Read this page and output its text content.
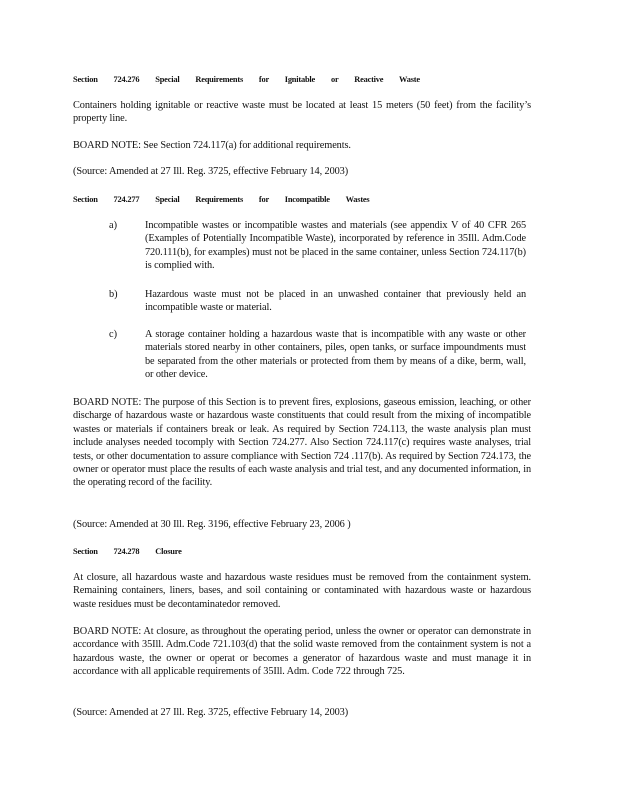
Section 724.276 Special Requirements for Ignitable or Reactive Waste
Containers holding ignitable or reactive waste must be located at least 15 meters (50 feet) from the facility’s property line.
BOARD NOTE: See Section 724.117(a) for additional requirements.
(Source: Amended at 27 Ill. Reg. 3725, effective February 14, 2003)
Section 724.277 Special Requirements for Incompatible Wastes
a)	Incompatible wastes or incompatible wastes and materials (see appendix V of 40 CFR 265 (Examples of Potentially Incompatible Waste), incorporated by reference in 35Ill. Adm.Code 720.111(b), for examples) must not be placed in the same container, unless Section 724.117(b) is complied with.
b)	Hazardous waste must not be placed in an unwashed container that previously held an incompatible waste or material.
c)	A storage container holding a hazardous waste that is incompatible with any waste or other materials stored nearby in other containers, piles, open tanks, or surface impoundments must be separated from the other materials or protected from them by means of a dike, berm, wall, or other device.
BOARD NOTE: The purpose of this Section is to prevent fires, explosions, gaseous emission, leaching, or other discharge of hazardous waste or hazardous waste constituents that could result from the mixing of incompatible wastes or materials if containers break or leak. As required by Section 724.113, the waste analysis plan must include analyses needed tocomply with Section 724.277. Also Section 724.117(c) requires waste analyses, trial tests, or other documentation to assure compliance with Section 724 .117(b). As required by Section 724.173, the owner or operator must place the results of each waste analysis and trial test, and any documented information, in the operating record of the facility.
(Source: Amended at 30 Ill. Reg. 3196, effective February 23, 2006 )
Section 724.278 Closure
At closure, all hazardous waste and hazardous waste residues must be removed from the containment system. Remaining containers, liners, bases, and soil containing or contaminated with hazardous waste or hazardous waste residues must be decontaminatedor removed.
BOARD NOTE: At closure, as throughout the operating period, unless the owner or operator can demonstrate in accordance with 35Ill. Adm.Code 721.103(d) that the solid waste removed from the containment system is not a hazardous waste, the owner or operat or becomes a generator of hazardous waste and must manage it in accordance with all applicable requirements of 35Ill. Adm. Code 722 through 725.
(Source: Amended at 27 Ill. Reg. 3725, effective February 14, 2003)
